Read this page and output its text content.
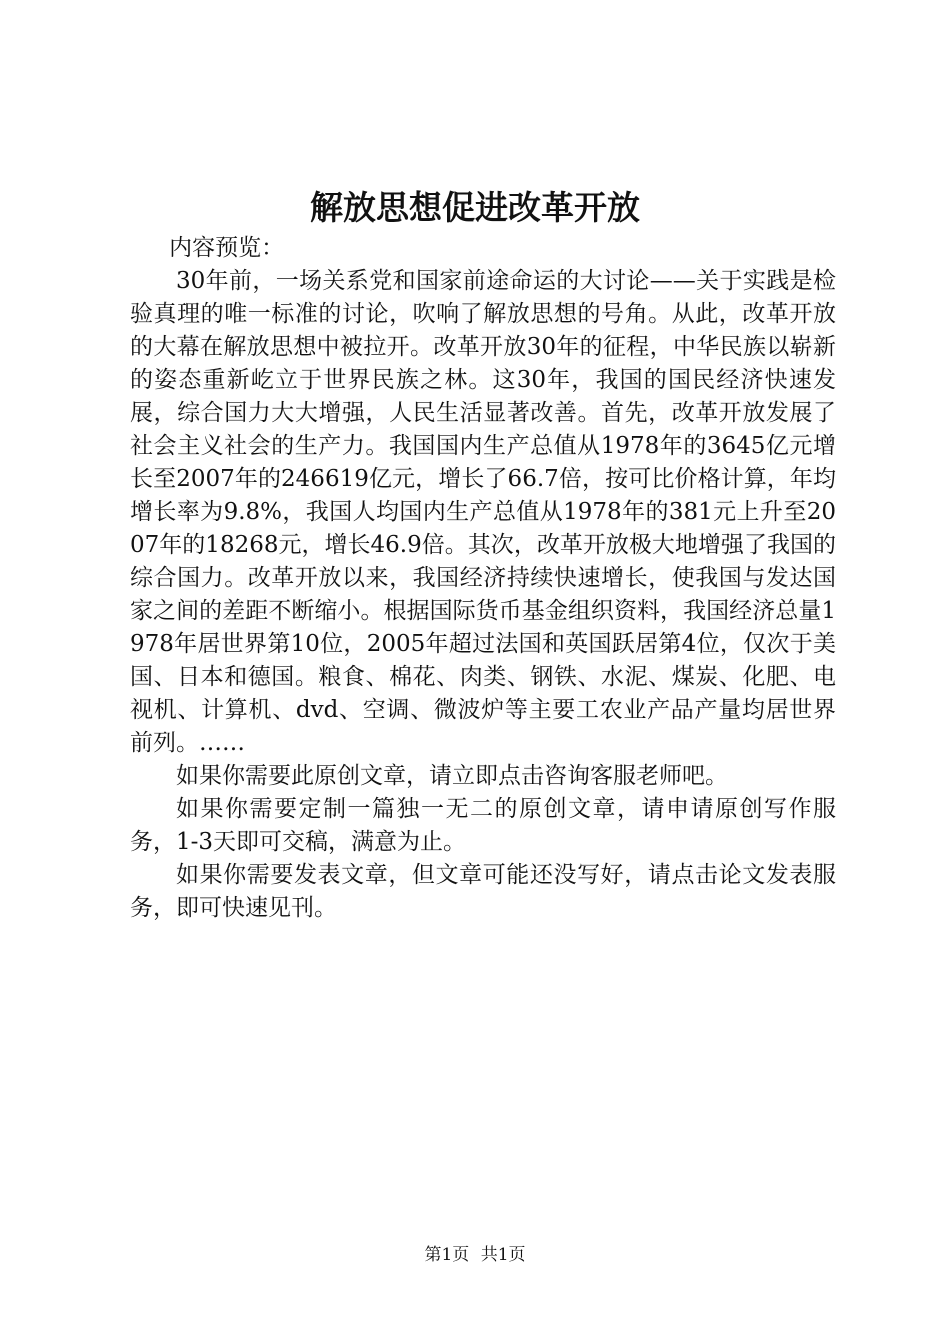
解放思想促进改革开放

内容预览：

30年前，一场关系党和国家前途命运的大讨论——关于实践是检验真理的唯一标准的讨论，吹响了解放思想的号角。从此，改革开放的大幕在解放思想中被拉开。改革开放30年的征程，中华民族以崭新的姿态重新屹立于世界民族之林。这30年，我国的国民经济快速发展，综合国力大大增强，人民生活显著改善。首先，改革开放发展了社会主义社会的生产力。我国国内生产总值从1978年的3645亿元增长至2007年的246619亿元，增长了66.7倍，按可比价格计算，年均增长率为9.8%，我国人均国内生产总值从1978年的381元上升至2007年的18268元，增长46.9倍。其次，改革开放极大地增强了我国的综合国力。改革开放以来，我国经济持续快速增长，使我国与发达国家之间的差距不断缩小。根据国际货币基金组织资料，我国经济总量1978年居世界第10位，2005年超过法国和英国跃居第4位，仅次于美国、日本和德国。粮食、棉花、肉类、钢铁、水泥、煤炭、化肥、电视机、计算机、dvd、空调、微波炉等主要工农业产品产量均居世界前列。……

如果你需要此原创文章，请立即点击咨询客服老师吧。

如果你需要定制一篇独一无二的原创文章，请申请原创写作服务，1-3天即可交稿，满意为止。

如果你需要发表文章，但文章可能还没写好，请点击论文发表服务，即可快速见刊。

第1页 共1页
